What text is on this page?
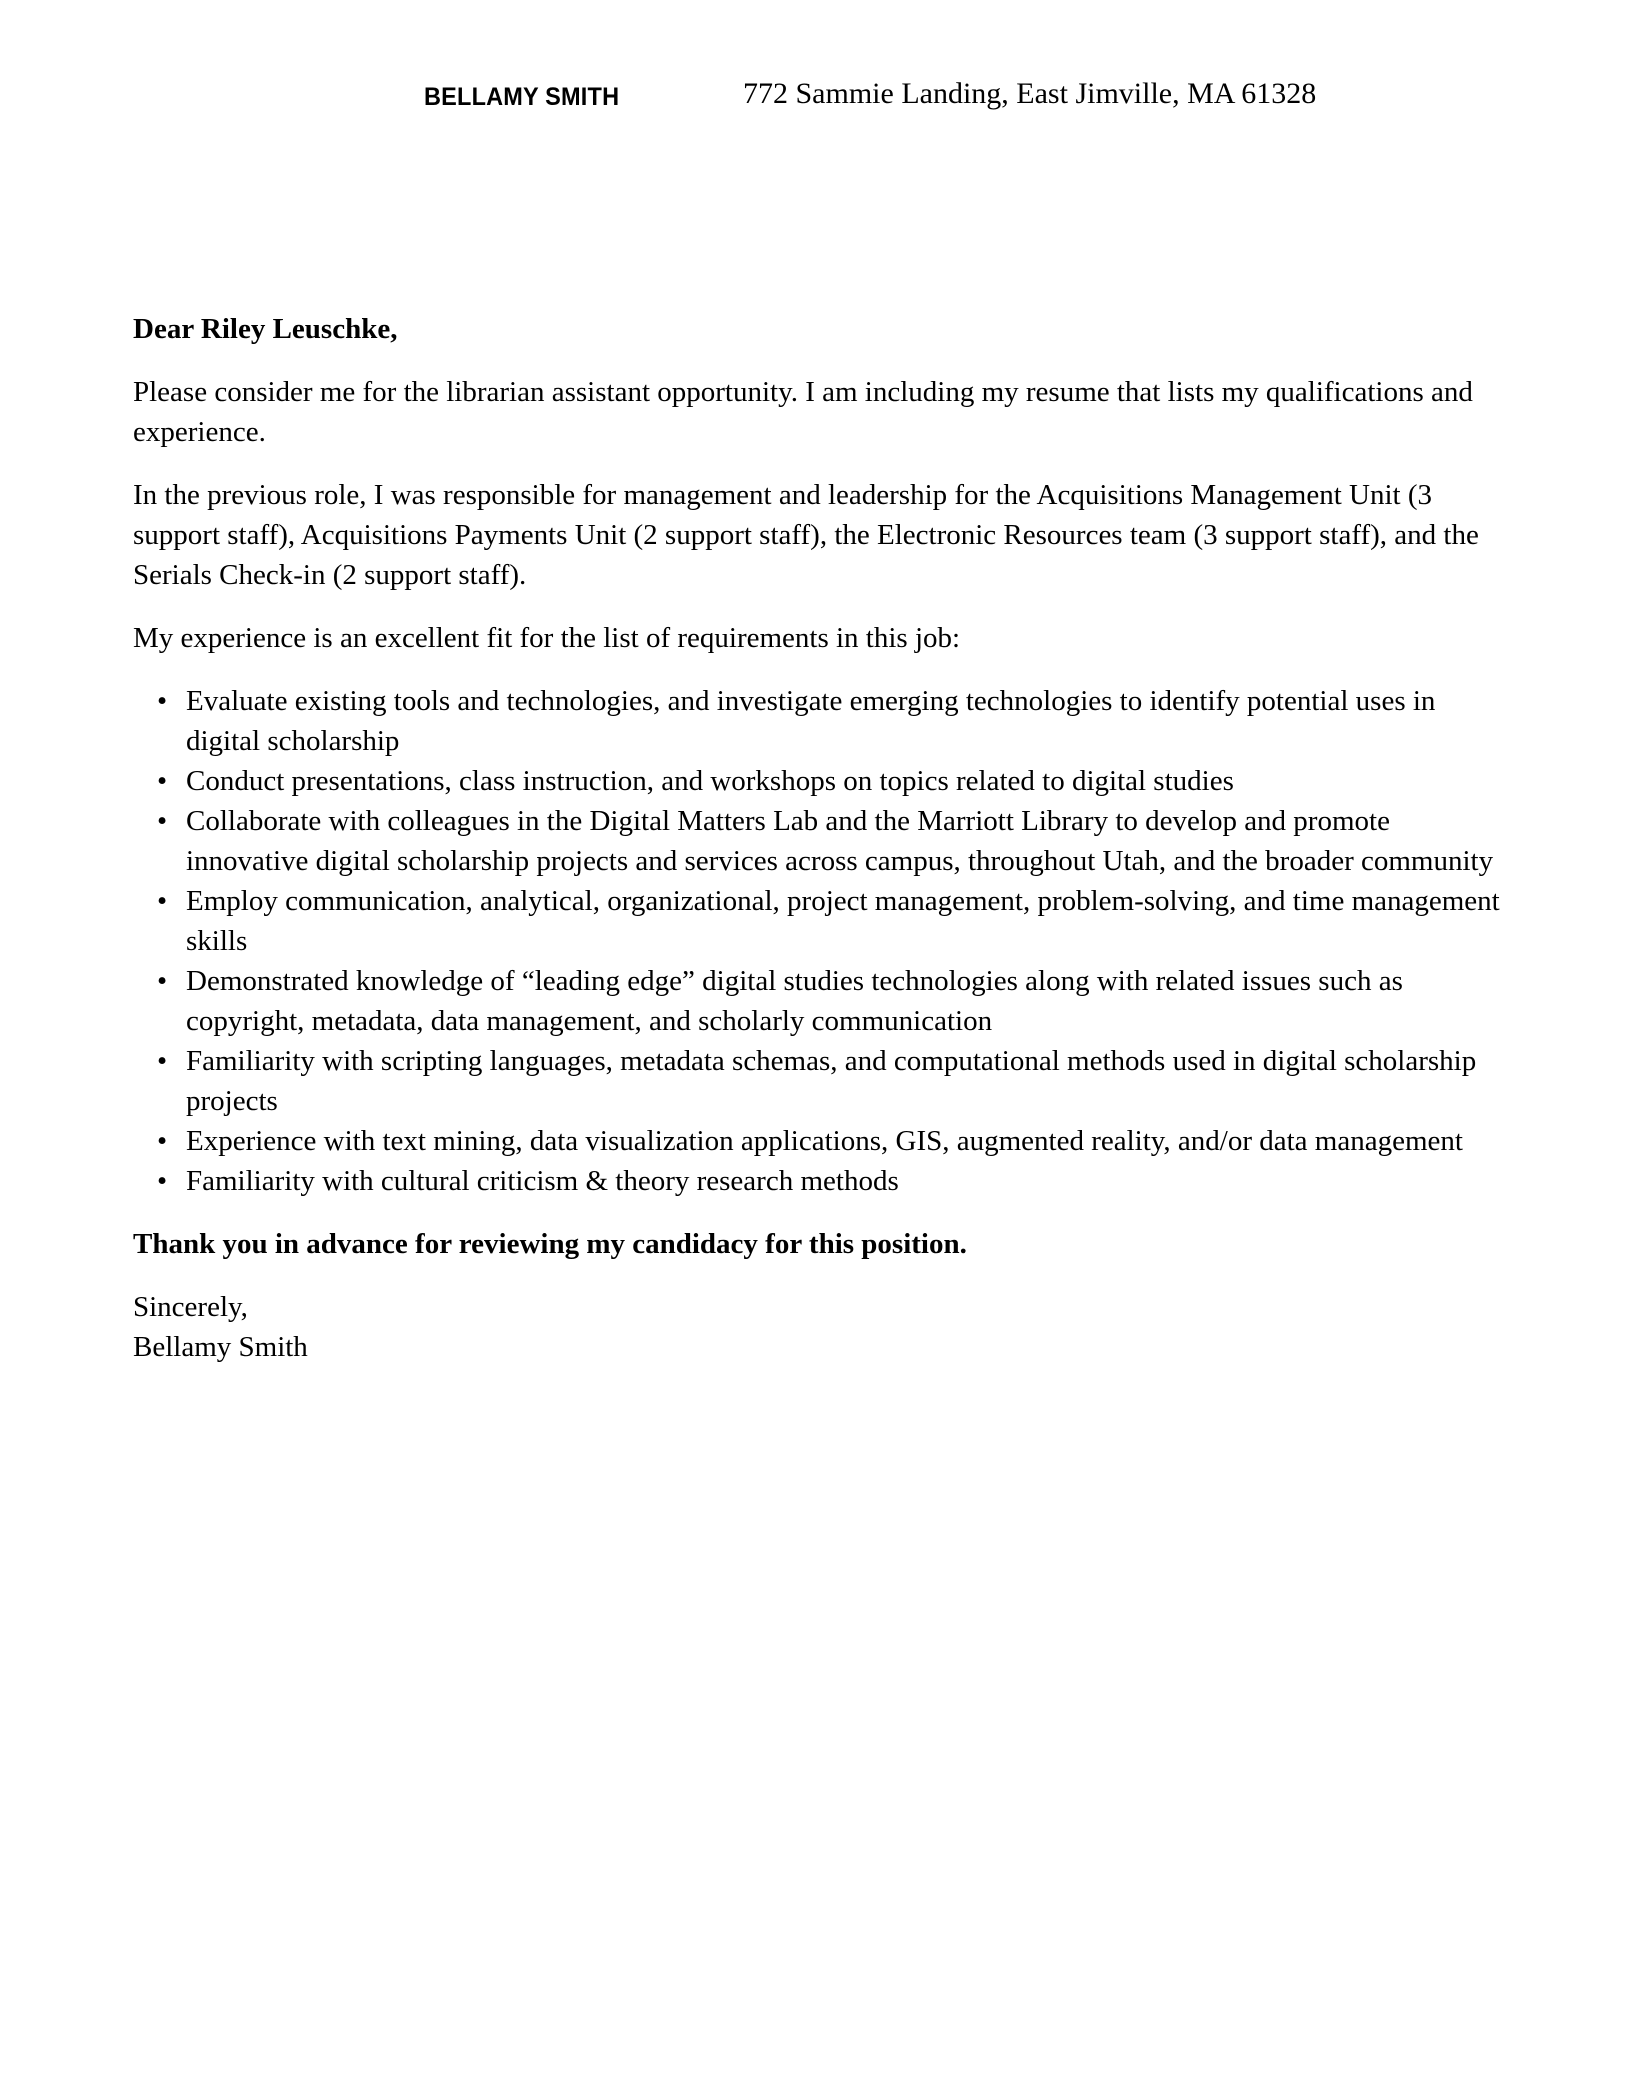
BELLAMY SMITH	772 Sammie Landing, East Jimville, MA 61328

Dear Riley Leuschke,

Please consider me for the librarian assistant opportunity. I am including my resume that lists my qualifications and experience.

In the previous role, I was responsible for management and leadership for the Acquisitions Management Unit (3 support staff), Acquisitions Payments Unit (2 support staff), the Electronic Resources team (3 support staff), and the Serials Check-in (2 support staff).

My experience is an excellent fit for the list of requirements in this job:

• Evaluate existing tools and technologies, and investigate emerging technologies to identify potential uses in digital scholarship
• Conduct presentations, class instruction, and workshops on topics related to digital studies
• Collaborate with colleagues in the Digital Matters Lab and the Marriott Library to develop and promote innovative digital scholarship projects and services across campus, throughout Utah, and the broader community
• Employ communication, analytical, organizational, project management, problem-solving, and time management skills
• Demonstrated knowledge of “leading edge” digital studies technologies along with related issues such as copyright, metadata, data management, and scholarly communication
• Familiarity with scripting languages, metadata schemas, and computational methods used in digital scholarship projects
• Experience with text mining, data visualization applications, GIS, augmented reality, and/or data management
• Familiarity with cultural criticism & theory research methods

Thank you in advance for reviewing my candidacy for this position.

Sincerely,
Bellamy Smith
